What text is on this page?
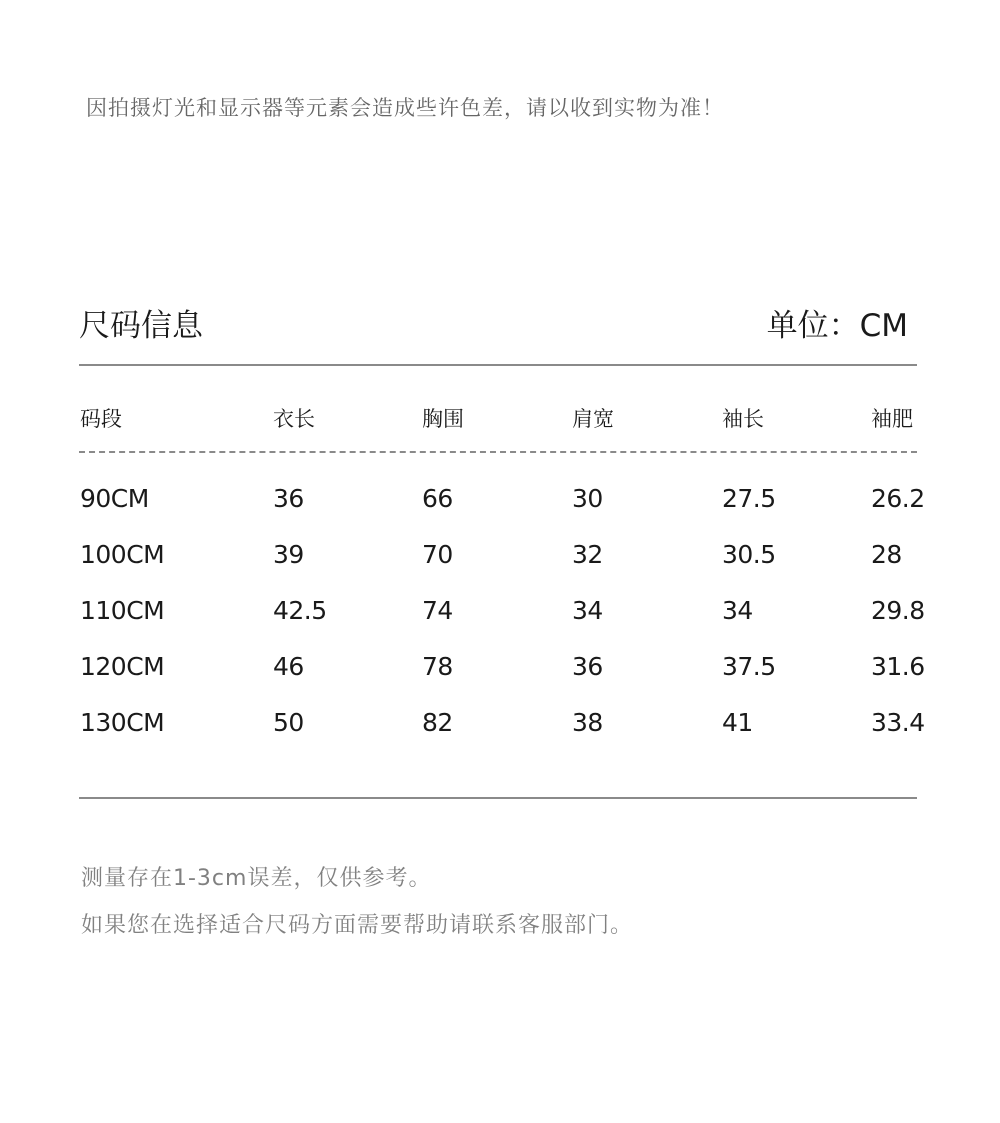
因拍摄灯光和显示器等元素会造成些许色差，请以收到实物为准！
尺码信息	单位：CM
码段	衣长	胸围	肩宽	袖长	袖肥
90CM	36	66	30	27.5	26.2
100CM	39	70	32	30.5	28
110CM	42.5	74	34	34	29.8
120CM	46	78	36	37.5	31.6
130CM	50	82	38	41	33.4
测量存在1-3cm误差，仅供参考。
如果您在选择适合尺码方面需要帮助请联系客服部门。
